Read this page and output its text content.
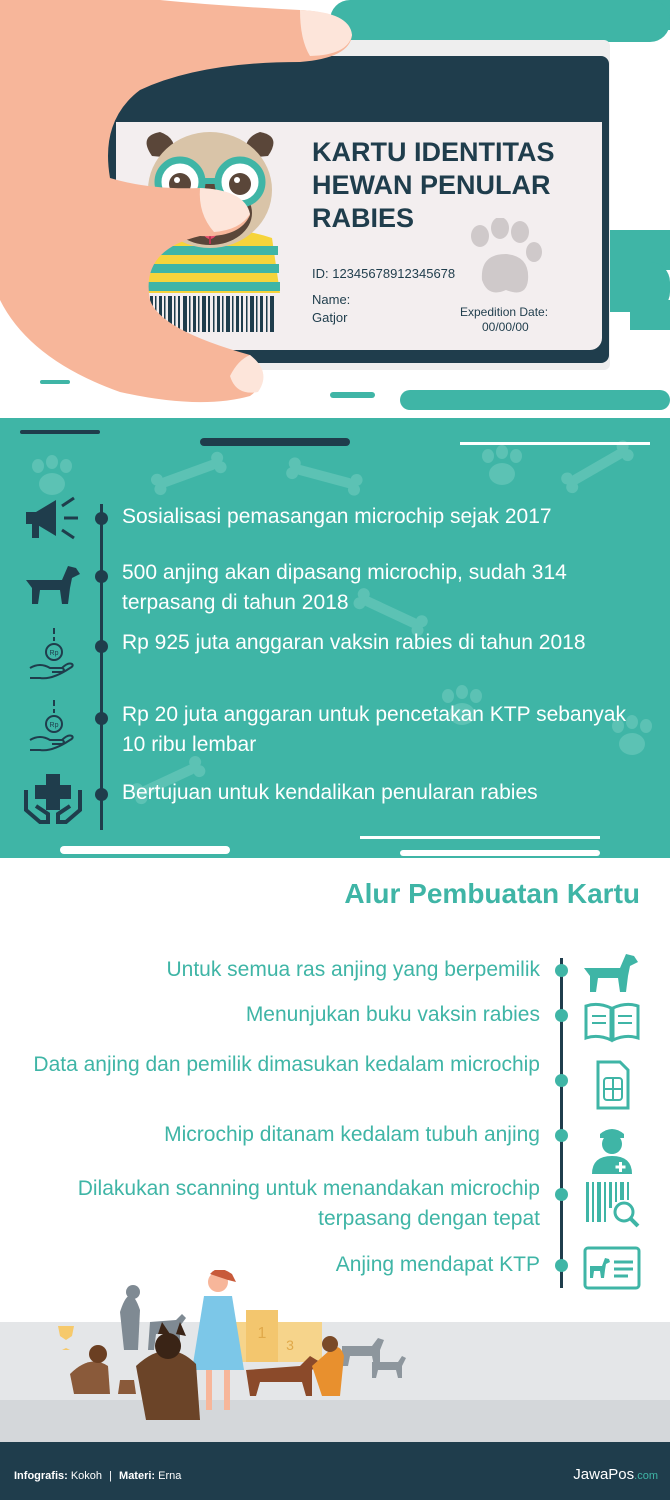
KARTU IDENTITAS
HEWAN PENULAR
RABIES
ID: 12345678912345678
Name:
Gatjor	Expedition Date:
00/00/00
Sosialisasi pemasangan microchip sejak 2017
500 anjing akan dipasang microchip, sudah 314 terpasang di tahun 2018
Rp	Rp 925 juta anggaran vaksin rabies di tahun 2018
Rp	Rp 20 juta anggaran untuk pencetakan KTP sebanyak 10 ribu lembar
Bertujuan untuk kendalikan penularan rabies
Alur Pembuatan Kartu
Untuk semua ras anjing yang berpemilik
Menunjukan buku vaksin rabies
Data anjing dan pemilik dimasukan kedalam microchip
Microchip ditanam kedalam tubuh anjing
Dilakukan scanning untuk menandakan microchip terpasang dengan tepat
Anjing mendapat KTP
1
3
Infografis: Kokoh | Materi: Erna	JawaPos.com
